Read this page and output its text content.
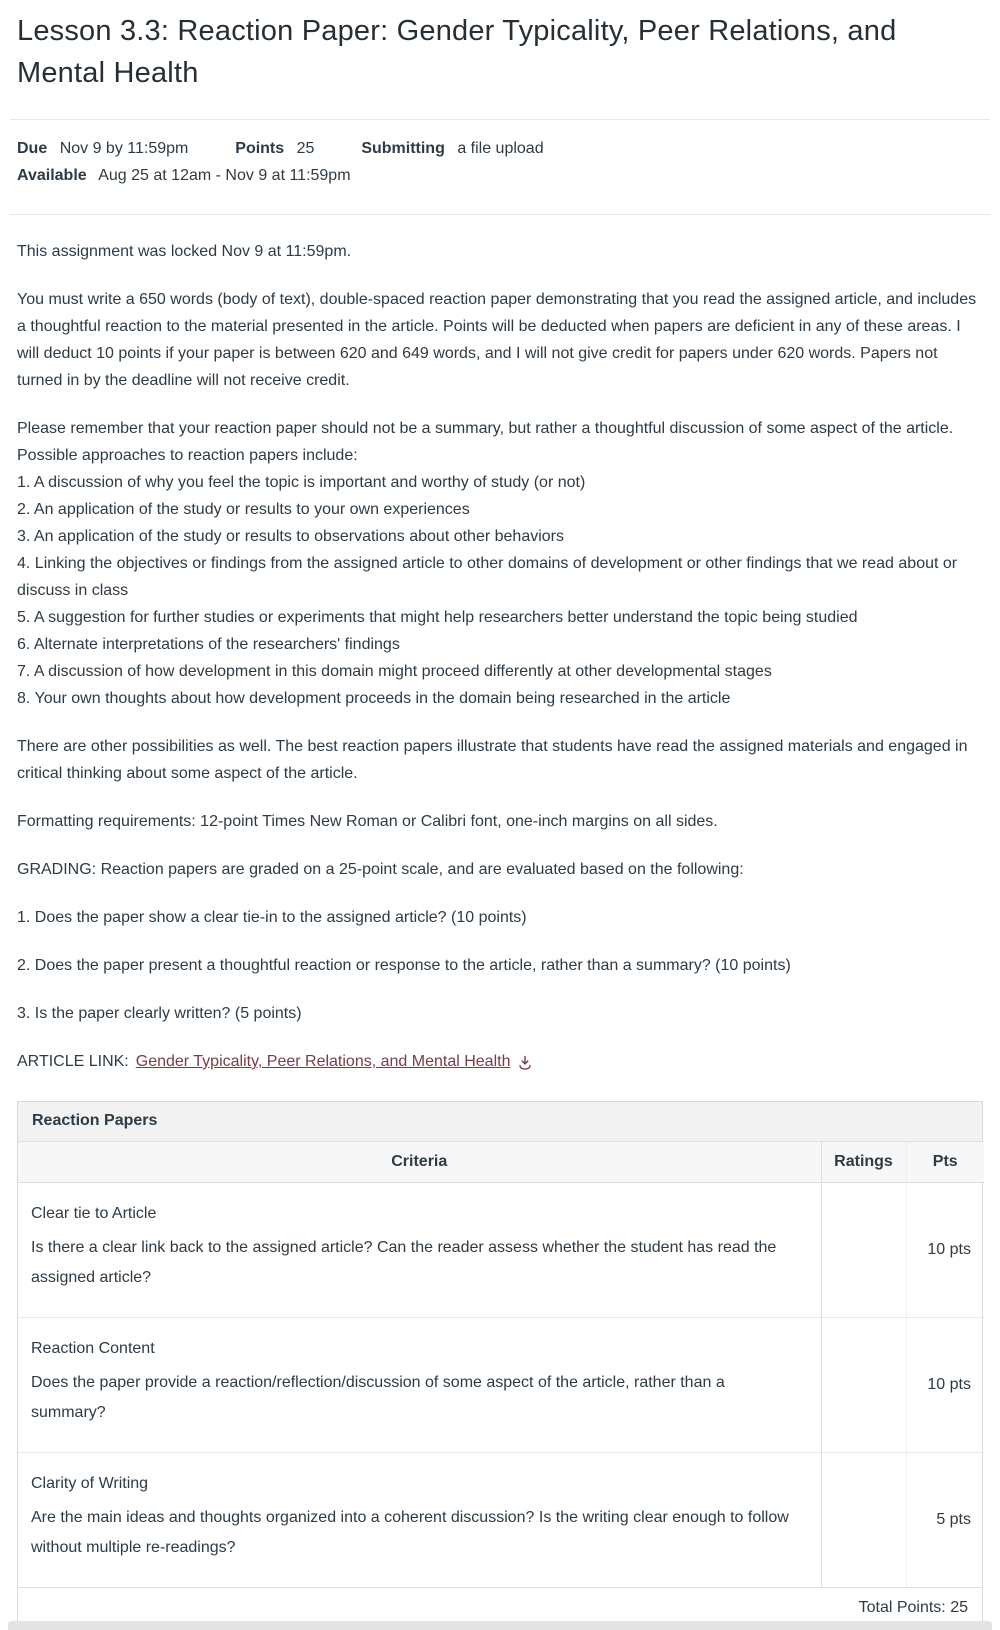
Lesson 3.3: Reaction Paper: Gender Typicality, Peer Relations, and Mental Health
Due Nov 9 by 11:59pm	Points 25	Submitting a file upload
Available Aug 25 at 12am - Nov 9 at 11:59pm

This assignment was locked Nov 9 at 11:59pm.

You must write a 650 words (body of text), double-spaced reaction paper demonstrating that you read the assigned article, and includes a thoughtful reaction to the material presented in the article. Points will be deducted when papers are deficient in any of these areas. I will deduct 10 points if your paper is between 620 and 649 words, and I will not give credit for papers under 620 words. Papers not turned in by the deadline will not receive credit.

Please remember that your reaction paper should not be a summary, but rather a thoughtful discussion of some aspect of the article. Possible approaches to reaction papers include:
1. A discussion of why you feel the topic is important and worthy of study (or not)
2. An application of the study or results to your own experiences
3. An application of the study or results to observations about other behaviors
4. Linking the objectives or findings from the assigned article to other domains of development or other findings that we read about or discuss in class
5. A suggestion for further studies or experiments that might help researchers better understand the topic being studied
6. Alternate interpretations of the researchers' findings
7. A discussion of how development in this domain might proceed differently at other developmental stages
8. Your own thoughts about how development proceeds in the domain being researched in the article

There are other possibilities as well. The best reaction papers illustrate that students have read the assigned materials and engaged in critical thinking about some aspect of the article.

Formatting requirements: 12-point Times New Roman or Calibri font, one-inch margins on all sides.

GRADING: Reaction papers are graded on a 25-point scale, and are evaluated based on the following:

1. Does the paper show a clear tie-in to the assigned article? (10 points)

2. Does the paper present a thoughtful reaction or response to the article, rather than a summary? (10 points)

3. Is the paper clearly written? (5 points)

ARTICLE LINK: Gender Typicality, Peer Relations, and Mental Health
Reaction Papers
Criteria	Ratings	Pts

Clear tie to Article
Is there a clear link back to the assigned article? Can the reader assess whether the student has read the assigned article?		10 pts

Reaction Content
Does the paper provide a reaction/reflection/discussion of some aspect of the article, rather than a summary?		10 pts

Clarity of Writing
Are the main ideas and thoughts organized into a coherent discussion? Is the writing clear enough to follow without multiple re-readings?		5 pts
Total Points: 25
